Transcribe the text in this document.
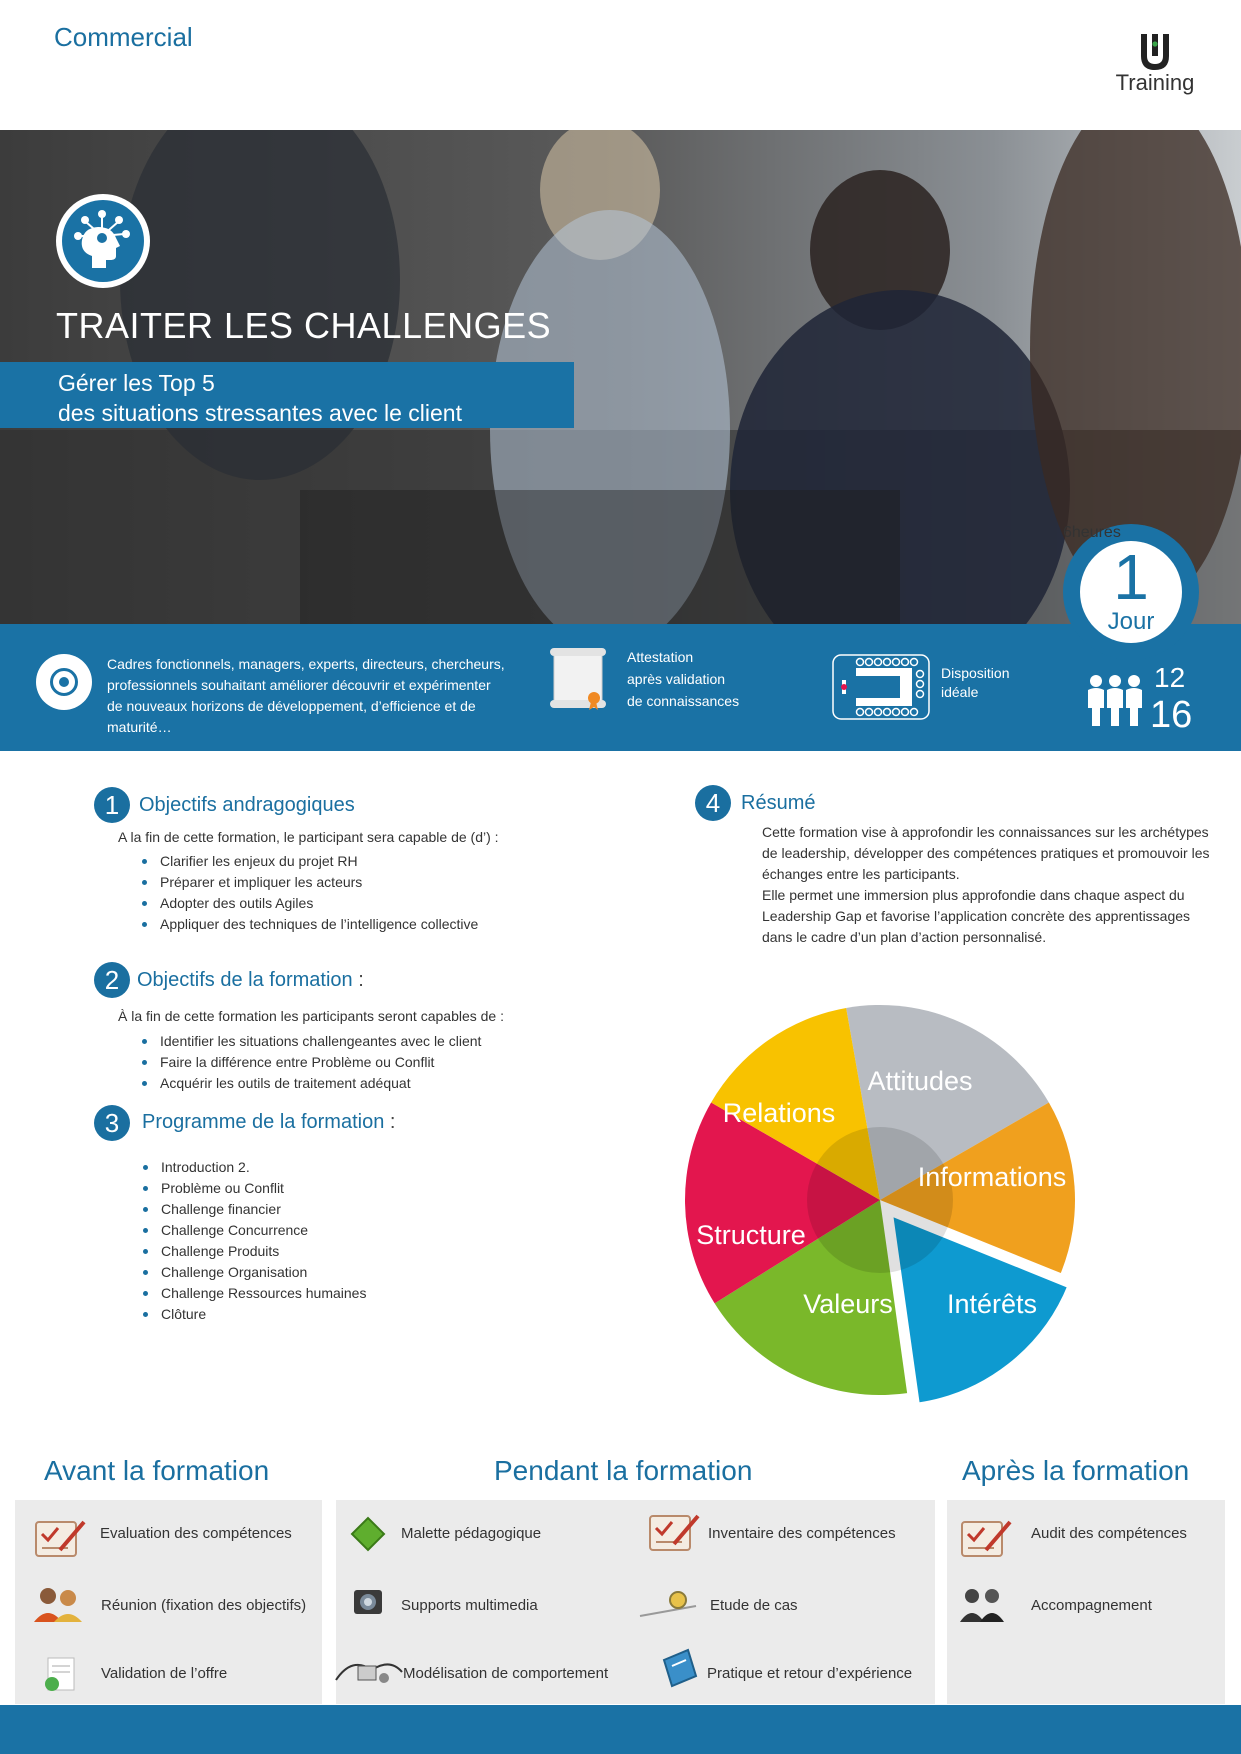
Commercial
Training
TRAITER LES CHALLENGES
Gérer les Top 5
des situations stressantes avec le client
Cadres fonctionnels, managers, experts, directeurs, chercheurs, professionnels souhaitant améliorer découvrir et expérimenter de nouveaux horizons de développement, d’efficience et de maturité…
Attestation
après validation
de connaissances
Disposition
idéale	12
16
1
Jour
6heures
1 Objectifs andragogiques
A la fin de cette formation, le participant sera capable de (d’) :
Clarifier les enjeux du projet RH
Préparer et impliquer les acteurs
Adopter des outils Agiles
Appliquer des techniques de l’intelligence collective
2 Objectifs de la formation :
À la fin de cette formation les participants seront capables de :
Identifier les situations challengeantes avec le client
Faire la différence entre Problème ou Conflit
Acquérir les outils de traitement adéquat
3	Programme de la formation :
Introduction 2.
Problème ou Conflit
Challenge financier
Challenge Concurrence
Challenge Produits
Challenge Organisation
Challenge Ressources humaines
Clôture
4	Résumé
Cette formation vise à approfondir les connaissances sur les archétypes de leadership, développer des compétences pratiques et promouvoir les échanges entre les participants.
Elle permet une immersion plus approfondie dans chaque aspect du Leadership Gap et favorise l’application concrète des apprentissages dans le cadre d’un plan d’action personnalisé.
Attitudes
Informations
Intérêts
Valeurs
Structure
Relations
Avant la formation	Pendant la formation	Après la formation
Evaluation des compétences
Réunion (fixation des objectifs)
Validation de l’offre
Malette pédagogique
Supports multimedia
Modélisation de comportement
Inventaire des compétences
Etude de cas
Pratique et retour d’expérience
Audit des compétences
Accompagnement
